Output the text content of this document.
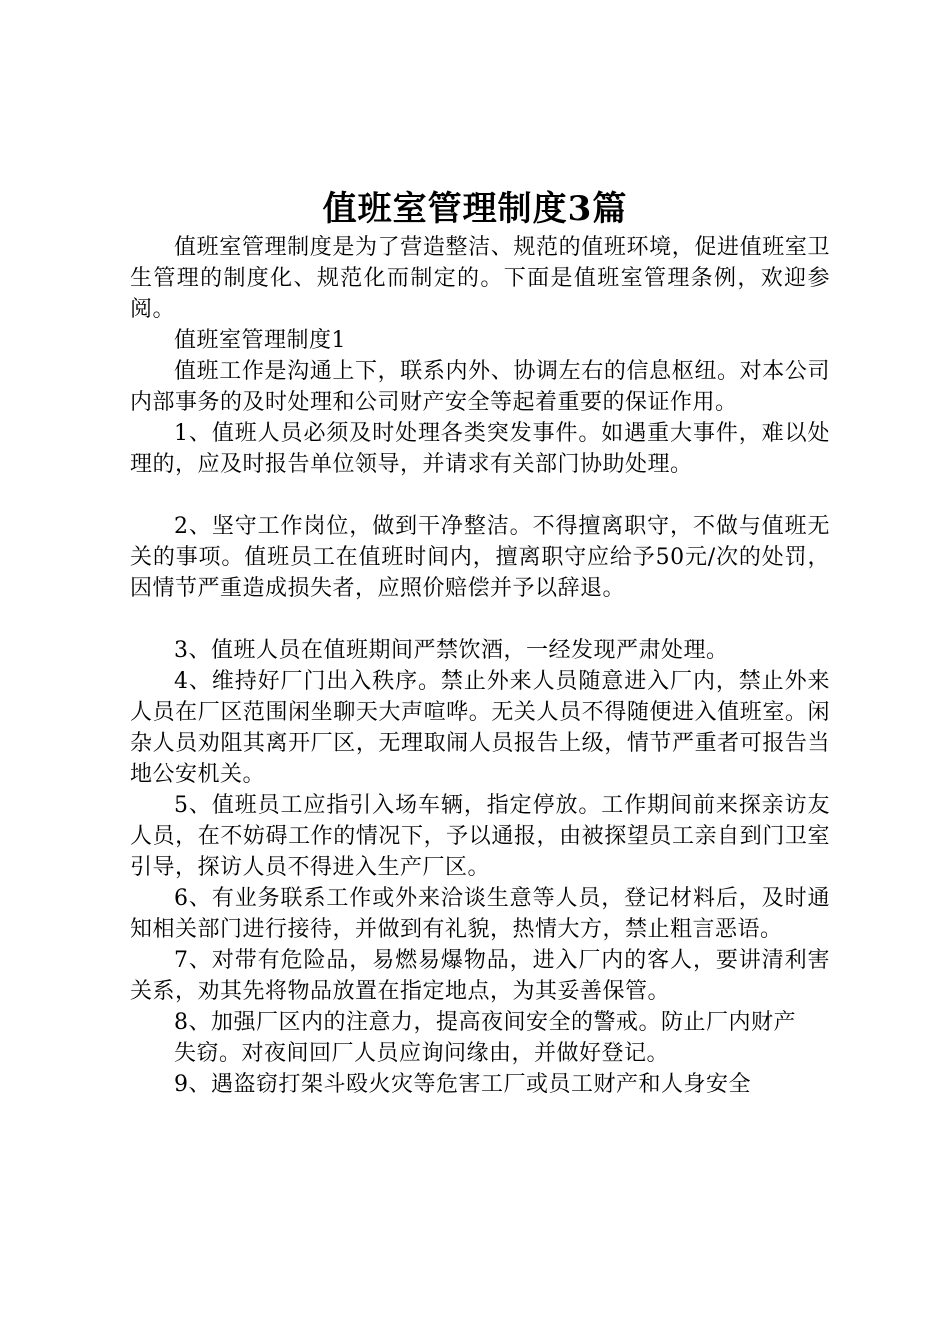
值班室管理制度3篇

值班室管理制度是为了营造整洁、规范的值班环境，促进值班室卫生管理的制度化、规范化而制定的。下面是值班室管理条例，欢迎参阅。

值班室管理制度1

值班工作是沟通上下，联系内外、协调左右的信息枢纽。对本公司内部事务的及时处理和公司财产安全等起着重要的保证作用。

1、值班人员必须及时处理各类突发事件。如遇重大事件，难以处理的，应及时报告单位领导，并请求有关部门协助处理。

2、坚守工作岗位，做到干净整洁。不得擅离职守，不做与值班无关的事项。值班员工在值班时间内，擅离职守应给予50元/次的处罚，因情节严重造成损失者，应照价赔偿并予以辞退。

3、值班人员在值班期间严禁饮酒，一经发现严肃处理。

4、维持好厂门出入秩序。禁止外来人员随意进入厂内，禁止外来人员在厂区范围闲坐聊天大声喧哗。无关人员不得随便进入值班室。闲杂人员劝阻其离开厂区，无理取闹人员报告上级，情节严重者可报告当地公安机关。

5、值班员工应指引入场车辆，指定停放。工作期间前来探亲访友人员，在不妨碍工作的情况下，予以通报，由被探望员工亲自到门卫室引导，探访人员不得进入生产厂区。

6、有业务联系工作或外来洽谈生意等人员，登记材料后，及时通知相关部门进行接待，并做到有礼貌，热情大方，禁止粗言恶语。

7、对带有危险品，易燃易爆物品，进入厂内的客人，要讲清利害关系，劝其先将物品放置在指定地点，为其妥善保管。

8、加强厂区内的注意力，提高夜间安全的警戒。防止厂内财产

失窃。对夜间回厂人员应询问缘由，并做好登记。

9、遇盗窃打架斗殴火灾等危害工厂或员工财产和人身安全
